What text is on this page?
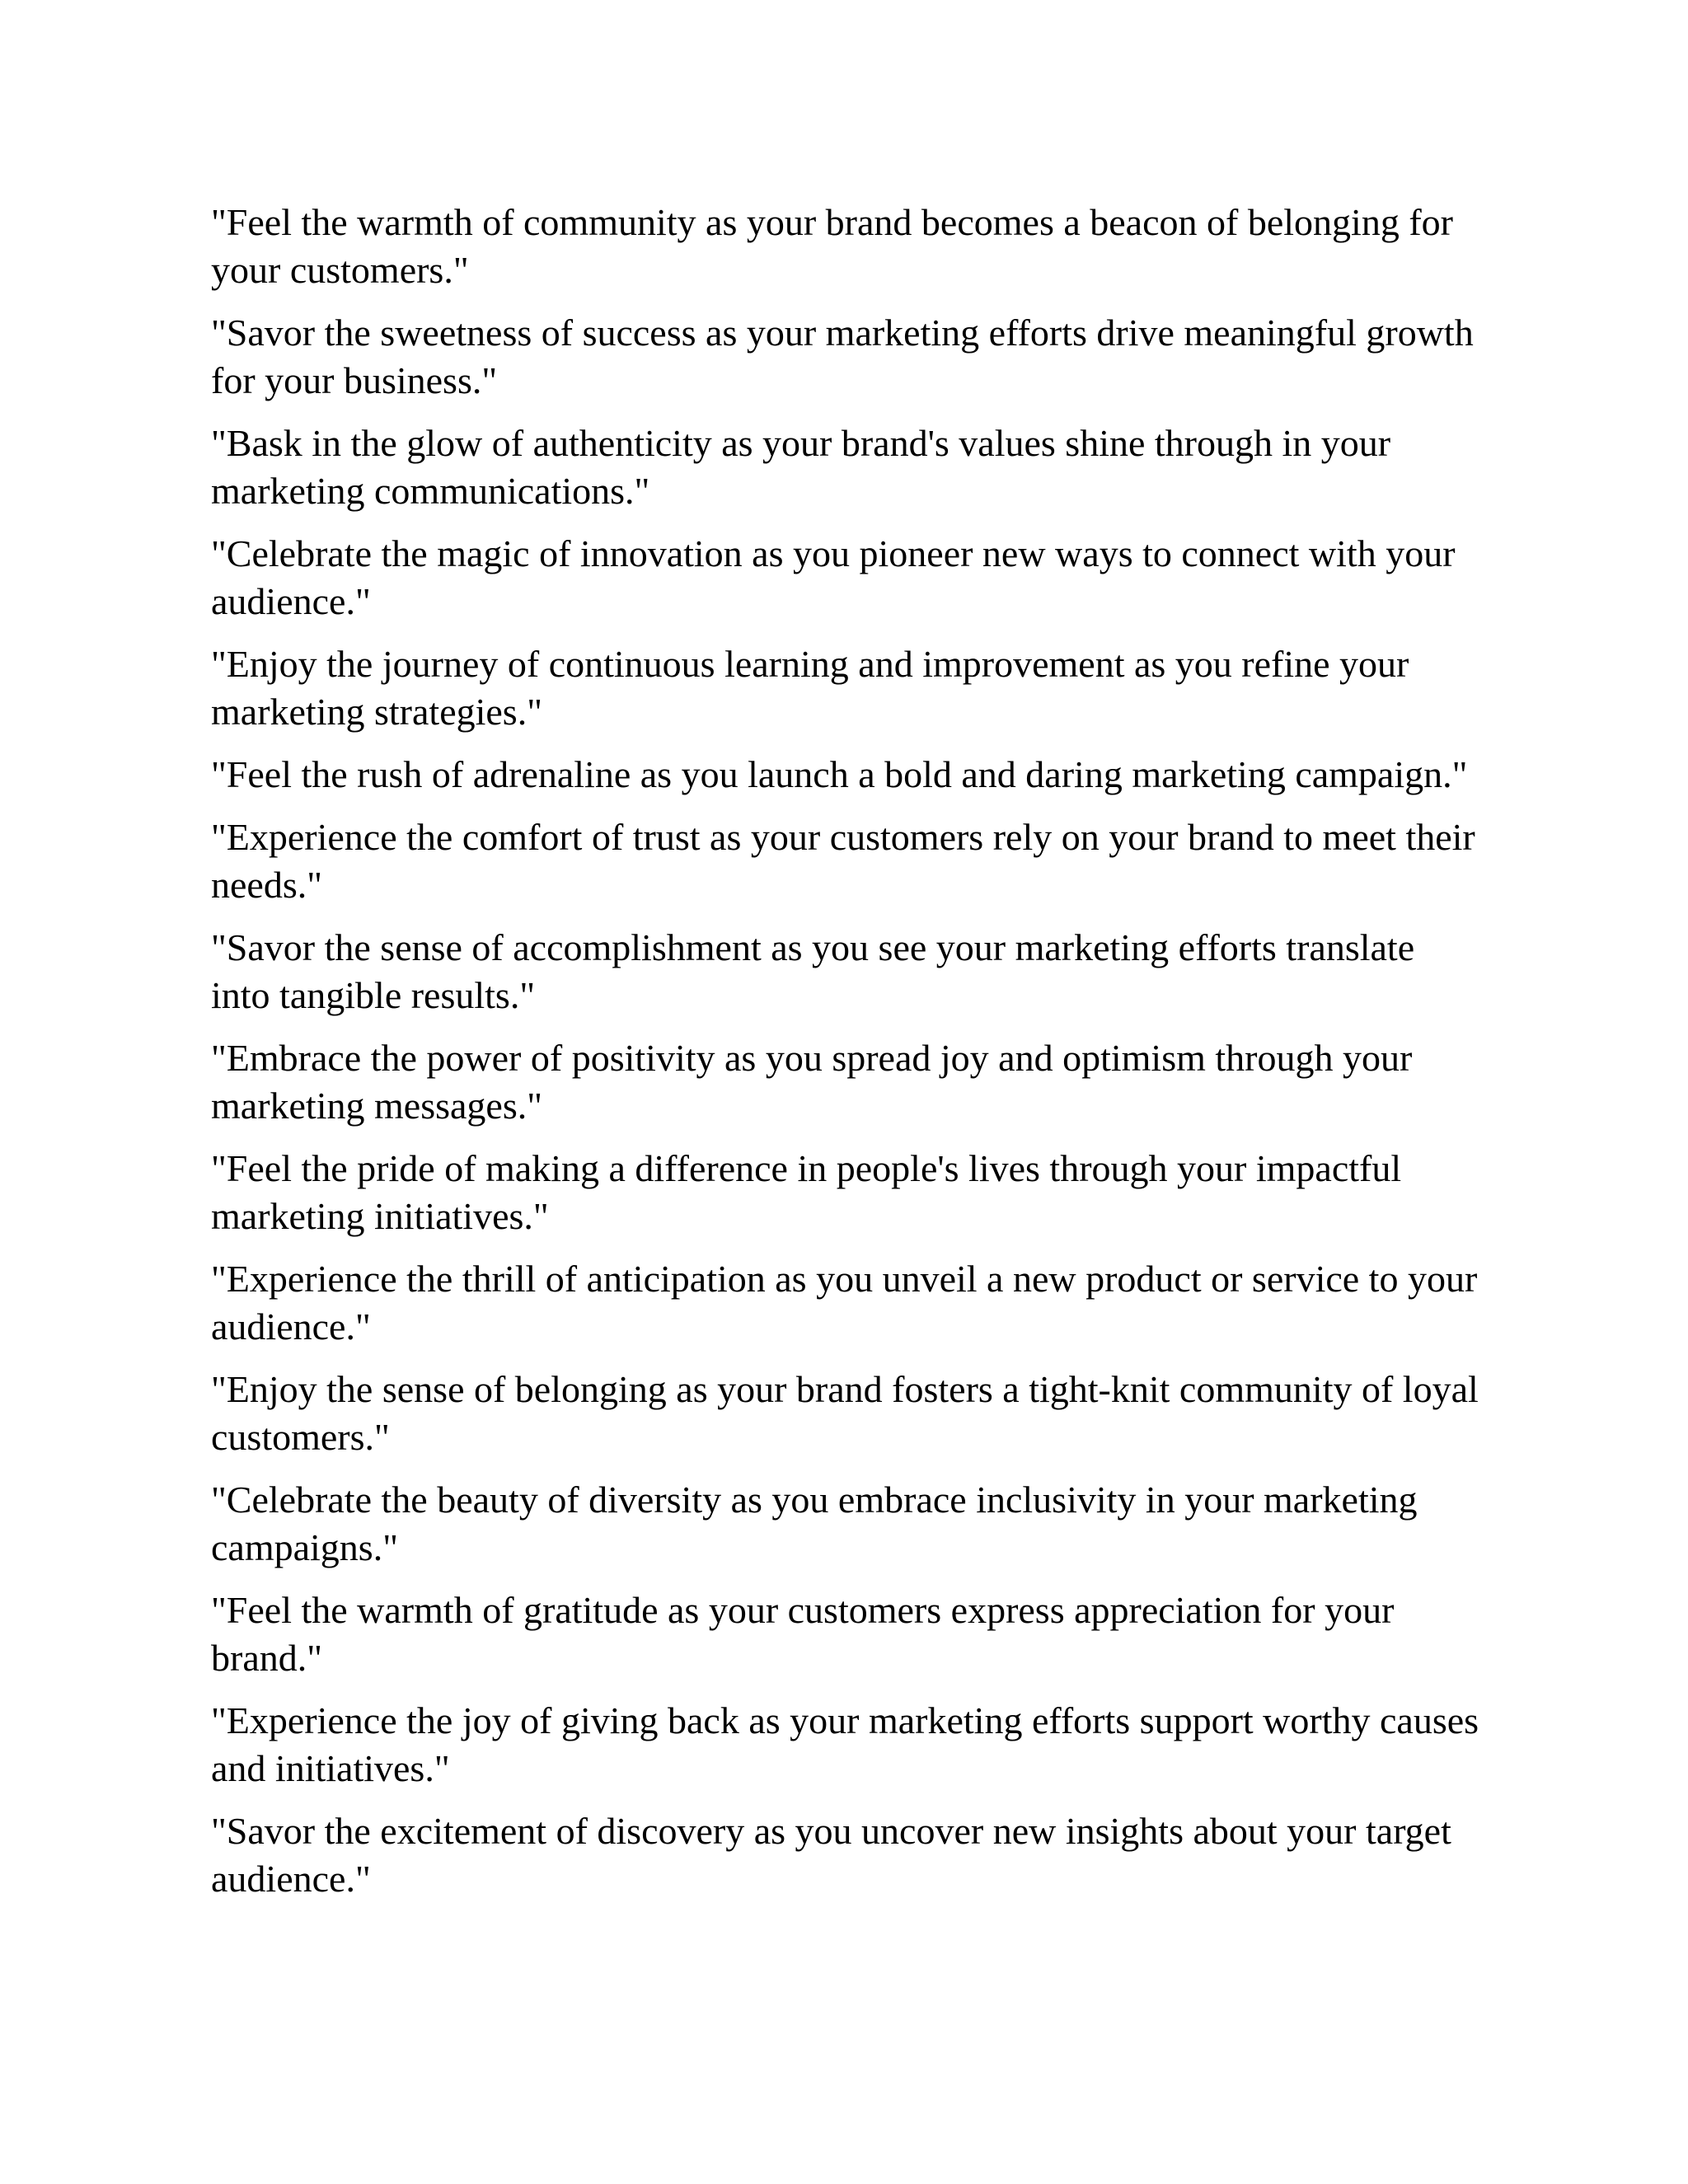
"Feel the warmth of community as your brand becomes a beacon of belonging for your customers."

"Savor the sweetness of success as your marketing efforts drive meaningful growth for your business."

"Bask in the glow of authenticity as your brand's values shine through in your marketing communications."

"Celebrate the magic of innovation as you pioneer new ways to connect with your audience."

"Enjoy the journey of continuous learning and improvement as you refine your marketing strategies."

"Feel the rush of adrenaline as you launch a bold and daring marketing campaign."

"Experience the comfort of trust as your customers rely on your brand to meet their needs."

"Savor the sense of accomplishment as you see your marketing efforts translate into tangible results."

"Embrace the power of positivity as you spread joy and optimism through your marketing messages."

"Feel the pride of making a difference in people's lives through your impactful marketing initiatives."

"Experience the thrill of anticipation as you unveil a new product or service to your audience."

"Enjoy the sense of belonging as your brand fosters a tight-knit community of loyal customers."

"Celebrate the beauty of diversity as you embrace inclusivity in your marketing campaigns."

"Feel the warmth of gratitude as your customers express appreciation for your brand."

"Experience the joy of giving back as your marketing efforts support worthy causes and initiatives."

"Savor the excitement of discovery as you uncover new insights about your target audience."
